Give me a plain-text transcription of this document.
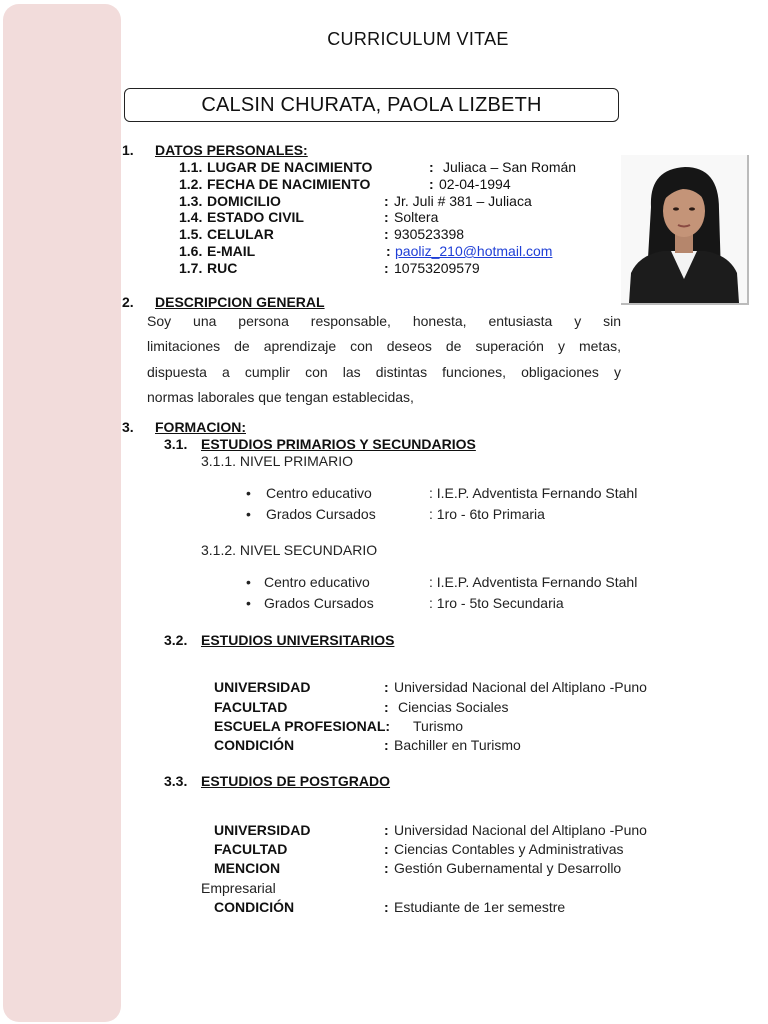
CURRICULUM VITAE
CALSIN CHURATA, PAOLA LIZBETH
1. DATOS PERSONALES:
1.1. LUGAR DE NACIMIENTO	: Juliaca – San Román
1.2. FECHA DE NACIMIENTO	: 02-04-1994
1.3. DOMICILIO	: Jr. Juli # 381 – Juliaca
1.4. ESTADO CIVIL	: Soltera
1.5. CELULAR	: 930523398
1.6. E-MAIL	: paoliz_210@hotmail.com
1.7. RUC	: 10753209579
2. DESCRIPCION GENERAL
Soy una persona responsable, honesta, entusiasta y sin
limitaciones de aprendizaje con deseos de superación y metas,
dispuesta a cumplir con las distintas funciones, obligaciones y
normas laborales que tengan establecidas,
3. FORMACION:
3.1. ESTUDIOS PRIMARIOS Y SECUNDARIOS
3.1.1. NIVEL PRIMARIO
• Centro educativo	: I.E.P. Adventista Fernando Stahl
• Grados Cursados	: 1ro - 6to Primaria
3.1.2. NIVEL SECUNDARIO
• Centro educativo	: I.E.P. Adventista Fernando Stahl
• Grados Cursados	: 1ro - 5to Secundaria
3.2. ESTUDIOS UNIVERSITARIOS
UNIVERSIDAD	: Universidad Nacional del Altiplano -Puno
FACULTAD	: Ciencias Sociales
ESCUELA PROFESIONAL: Turismo
CONDICIÓN	: Bachiller en Turismo
3.3. ESTUDIOS DE POSTGRADO
UNIVERSIDAD	: Universidad Nacional del Altiplano -Puno
FACULTAD	: Ciencias Contables y Administrativas
MENCION	: Gestión Gubernamental y Desarrollo
Empresarial
CONDICIÓN	: Estudiante de 1er semestre
